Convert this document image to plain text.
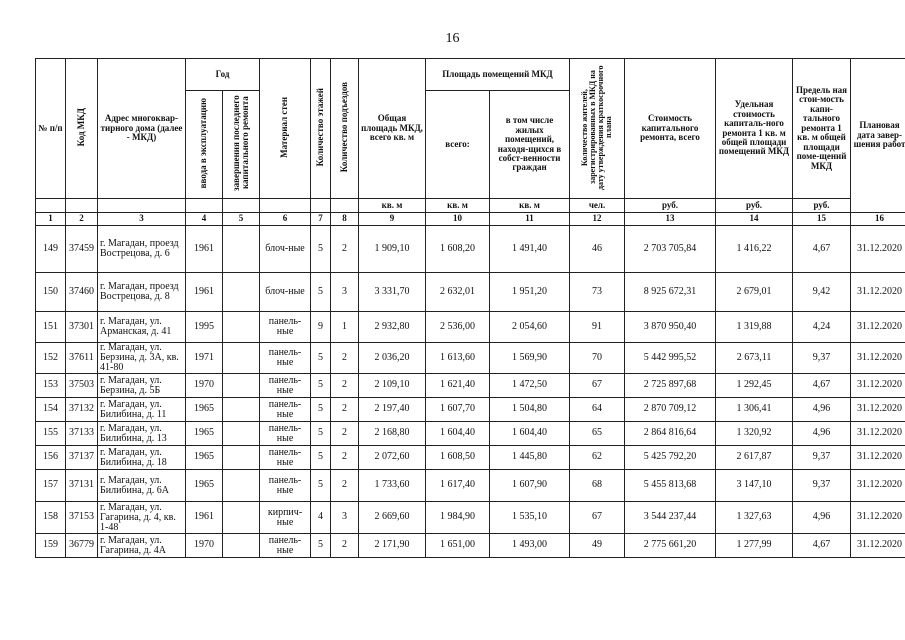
16
№ п/п	Код МКД	Адрес многоквар-тирного дома (далее - МКД)	Год		Материал стен	Количество этажей	Количество подъездов	Общая площадь МКД, всего кв. м	Площадь помещений МКД		Количество жителей, зарегистрированных в МКД на дату утверждения краткосрочного плана	Стоимость капитального ремонта, всего	Удельная стоимость капиталь-ного ремонта 1 кв. м общей площади помещений МКД	Предель ная стои-мость капи-тального ремонта 1 кв. м общей площади поме-щений МКД	Плановая дата завер-шения работ
			ввода в эксплуатацию	завершения последнего капитального ремонта					всего:	в том числе жилых помещений, находя-щихся в собст-венности граждан					
								кв. м	кв. м	кв. м	чел.	руб.	руб.	руб.	
1	2	3	4	5	6	7	8	9	10	11	12	13	14	15	16
149	37459	г. Магадан, проезд Вострецова, д. 6	1961		блоч-ные	5	2	1 909,10	1 608,20	1 491,40	46	2 703 705,84	1 416,22	4,67	31.12.2020
150	37460	г. Магадан, проезд Вострецова, д. 8	1961		блоч-ные	5	3	3 331,70	2 632,01	1 951,20	73	8 925 672,31	2 679,01	9,42	31.12.2020
151	37301	г. Магадан, ул. Арманская, д. 41	1995		панель-ные	9	1	2 932,80	2 536,00	2 054,60	91	3 870 950,40	1 319,88	4,24	31.12.2020
152	37611	г. Магадан, ул. Берзина, д. 3А, кв. 41-80	1971		панель-ные	5	2	2 036,20	1 613,60	1 569,90	70	5 442 995,52	2 673,11	9,37	31.12.2020
153	37503	г. Магадан, ул. Берзина, д. 5Б	1970		панель-ные	5	2	2 109,10	1 621,40	1 472,50	67	2 725 897,68	1 292,45	4,67	31.12.2020
154	37132	г. Магадан, ул. Билибина, д. 11	1965		панель-ные	5	2	2 197,40	1 607,70	1 504,80	64	2 870 709,12	1 306,41	4,96	31.12.2020
155	37133	г. Магадан, ул. Билибина, д. 13	1965		панель-ные	5	2	2 168,80	1 604,40	1 604,40	65	2 864 816,64	1 320,92	4,96	31.12.2020
156	37137	г. Магадан, ул. Билибина, д. 18	1965		панель-ные	5	2	2 072,60	1 608,50	1 445,80	62	5 425 792,20	2 617,87	9,37	31.12.2020
157	37131	г. Магадан, ул. Билибина, д. 6А	1965		панель-ные	5	2	1 733,60	1 617,40	1 607,90	68	5 455 813,68	3 147,10	9,37	31.12.2020
158	37153	г. Магадан, ул. Гагарина, д. 4, кв. 1-48	1961		кирпич-ные	4	3	2 669,60	1 984,90	1 535,10	67	3 544 237,44	1 327,63	4,96	31.12.2020
159	36779	г. Магадан, ул. Гагарина, д. 4А	1970		панель-ные	5	2	2 171,90	1 651,00	1 493,00	49	2 775 661,20	1 277,99	4,67	31.12.2020
